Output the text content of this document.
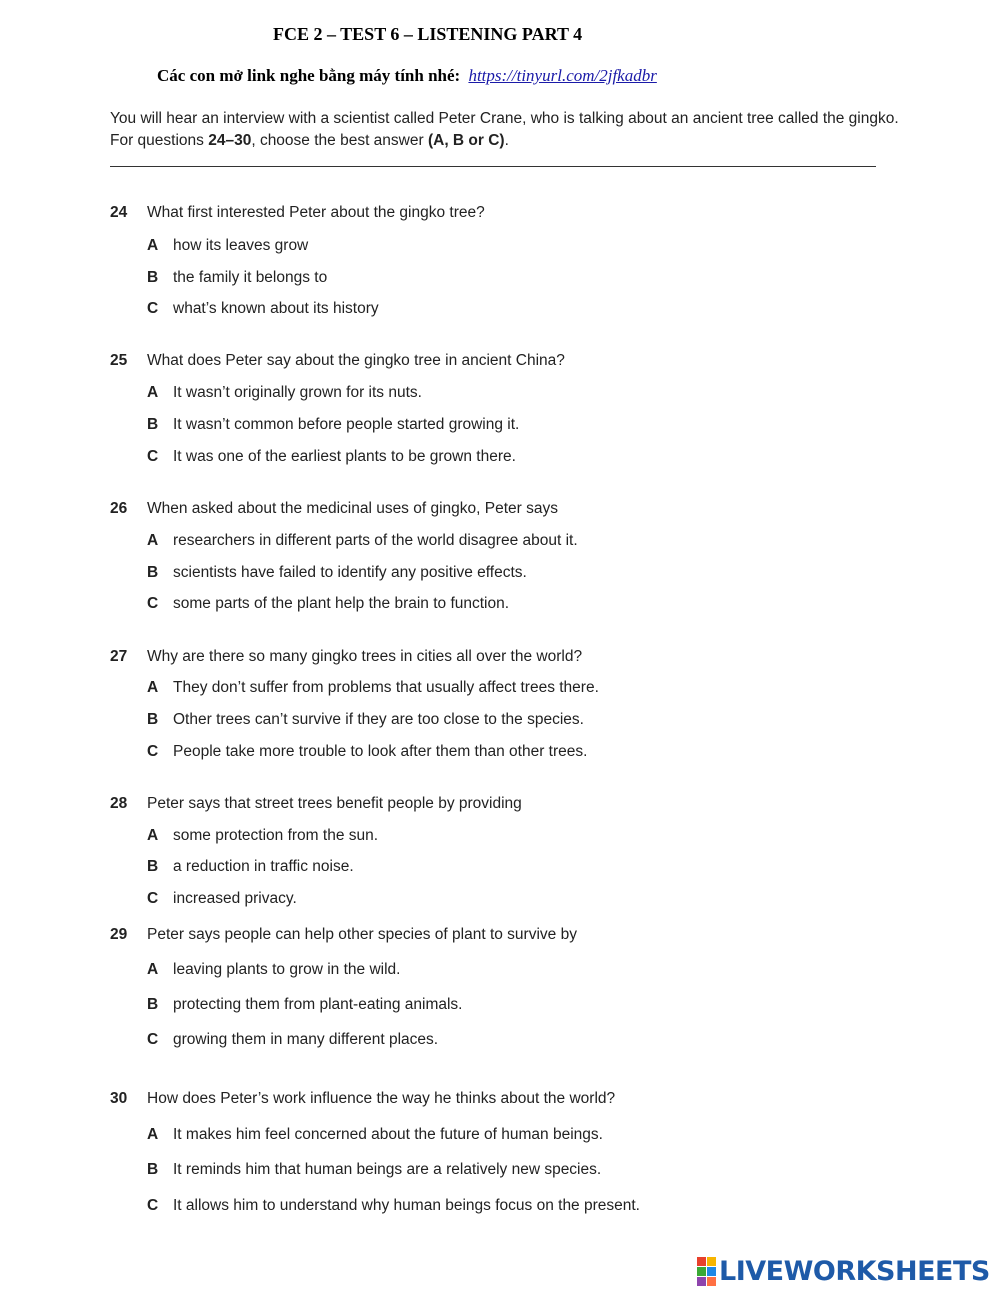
FCE 2 – TEST 6 – LISTENING PART 4
Các con mở link nghe bằng máy tính nhé: https://tinyurl.com/2jfkadbr
You will hear an interview with a scientist called Peter Crane, who is talking about an ancient tree called the gingko. For questions 24–30, choose the best answer (A, B or C).
24	What first interested Peter about the gingko tree?
A how its leaves grow
B the family it belongs to
C what’s known about its history
25	What does Peter say about the gingko tree in ancient China?
A It wasn’t originally grown for its nuts.
B It wasn’t common before people started growing it.
C It was one of the earliest plants to be grown there.
26	When asked about the medicinal uses of gingko, Peter says
A researchers in different parts of the world disagree about it.
B scientists have failed to identify any positive effects.
C some parts of the plant help the brain to function.
27	Why are there so many gingko trees in cities all over the world?
A They don’t suffer from problems that usually affect trees there.
B Other trees can’t survive if they are too close to the species.
C People take more trouble to look after them than other trees.
28	Peter says that street trees benefit people by providing
A some protection from the sun.
B a reduction in traffic noise.
C increased privacy.
29	Peter says people can help other species of plant to survive by
A leaving plants to grow in the wild.
B protecting them from plant-eating animals.
C growing them in many different places.
30	How does Peter’s work influence the way he thinks about the world?
A It makes him feel concerned about the future of human beings.
B It reminds him that human beings are a relatively new species.
C It allows him to understand why human beings focus on the present.
LIVEWORKSHEETS
